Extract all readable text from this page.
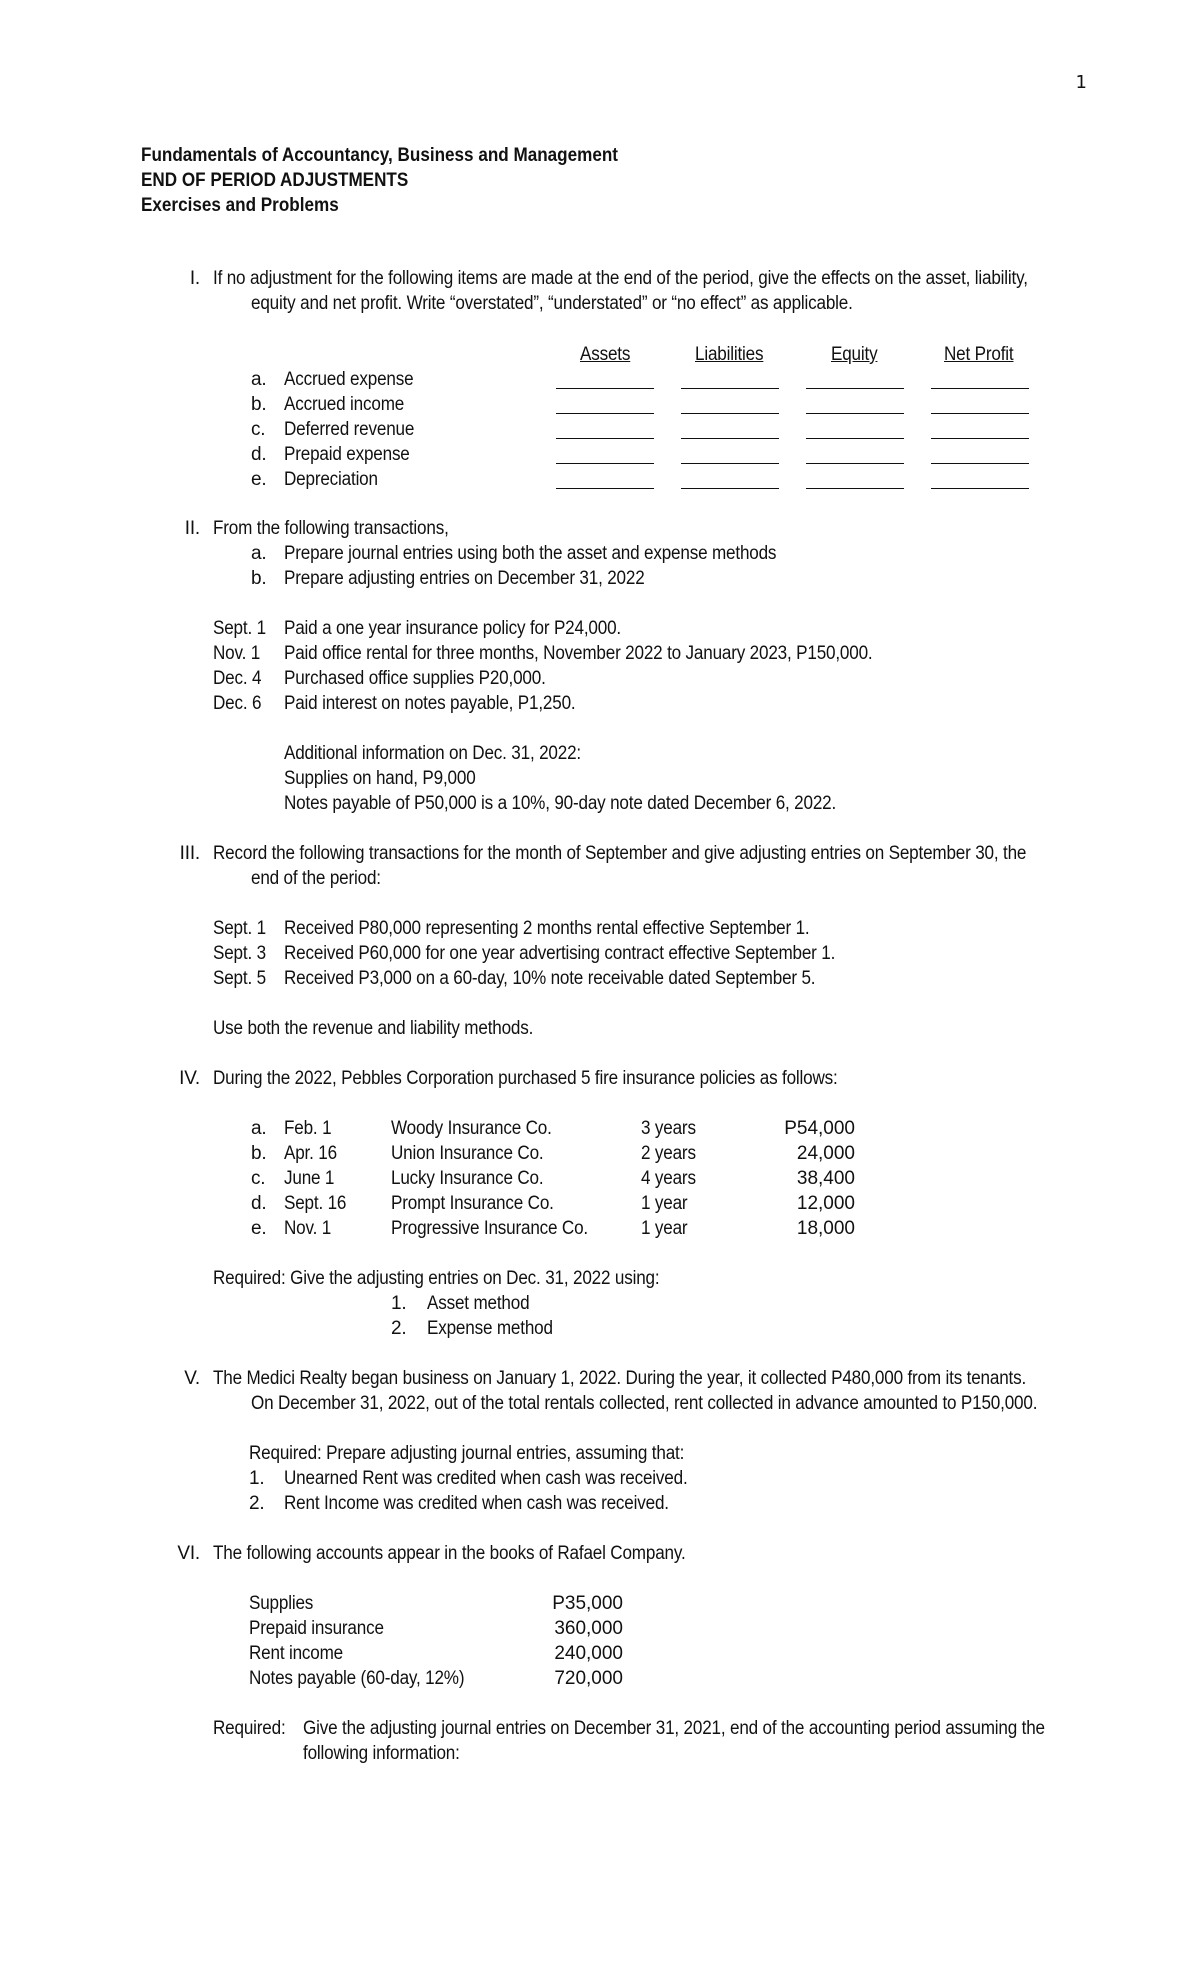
1
Fundamentals of Accountancy, Business and Management
END OF PERIOD ADJUSTMENTS
Exercises and Problems
I. If no adjustment for the following items are made at the end of the period, give the effects on the asset, liability,
equity and net profit. Write “overstated”, “understated” or “no effect” as applicable.
Assets	Liabilities	Equity	Net Profit
a. Accrued expense
b. Accrued income
c. Deferred revenue
d. Prepaid expense
e. Depreciation
II. From the following transactions,
a. Prepare journal entries using both the asset and expense methods
b. Prepare adjusting entries on December 31, 2022
Sept. 1 Paid a one year insurance policy for P24,000.
Nov. 1 Paid office rental for three months, November 2022 to January 2023, P150,000.
Dec. 4 Purchased office supplies P20,000.
Dec. 6 Paid interest on notes payable, P1,250.
Additional information on Dec. 31, 2022:
Supplies on hand, P9,000
Notes payable of P50,000 is a 10%, 90-day note dated December 6, 2022.
III. Record the following transactions for the month of September and give adjusting entries on September 30, the
end of the period:
Sept. 1 Received P80,000 representing 2 months rental effective September 1.
Sept. 3 Received P60,000 for one year advertising contract effective September 1.
Sept. 5 Received P3,000 on a 60-day, 10% note receivable dated September 5.
Use both the revenue and liability methods.
IV. During the 2022, Pebbles Corporation purchased 5 fire insurance policies as follows:
a. Feb. 1	Woody Insurance Co.	3 years	P54,000
b. Apr. 16	Union Insurance Co.	2 years	24,000
c. June 1	Lucky Insurance Co.	4 years	38,400
d. Sept. 16 Prompt Insurance Co.	1 year	12,000
e. Nov. 1	Progressive Insurance Co.	1 year	18,000
Required: Give the adjusting entries on Dec. 31, 2022 using:
1. Asset method
2. Expense method
V. The Medici Realty began business on January 1, 2022. During the year, it collected P480,000 from its tenants.
On December 31, 2022, out of the total rentals collected, rent collected in advance amounted to P150,000.
Required: Prepare adjusting journal entries, assuming that:
1. Unearned Rent was credited when cash was received.
2. Rent Income was credited when cash was received.
VI. The following accounts appear in the books of Rafael Company.
Supplies	P35,000
Prepaid insurance	360,000
Rent income	240,000
Notes payable (60-day, 12%)	720,000
Required: Give the adjusting journal entries on December 31, 2021, end of the accounting period assuming the
following information:
